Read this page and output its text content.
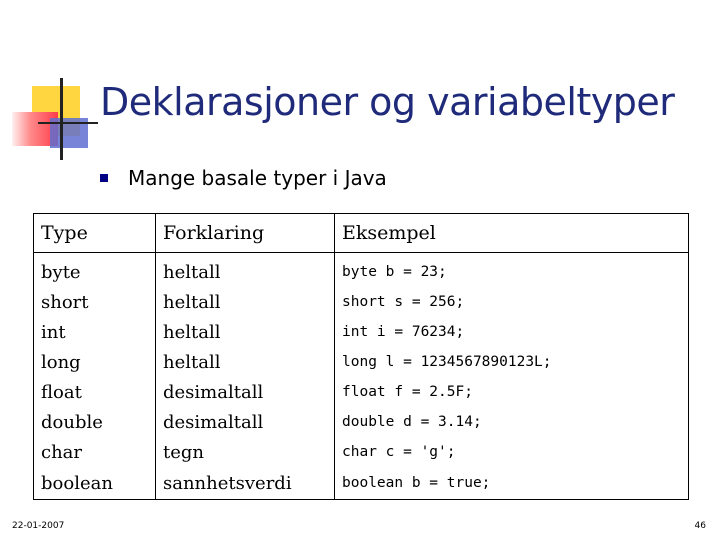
Deklarasjoner og variabeltyper
Mange basale typer i Java
Type	Forklaring	Eksempel
byte	heltall	byte b = 23;
short	heltall	short s = 256;
int	heltall	int i = 76234;
long	heltall	long l = 1234567890123L;
float	desimaltall	float f = 2.5F;
double	desimaltall	double d = 3.14;
char	tegn	char c = 'g';
boolean	sannhetsverdi	boolean b = true;
22-01-2007	46
